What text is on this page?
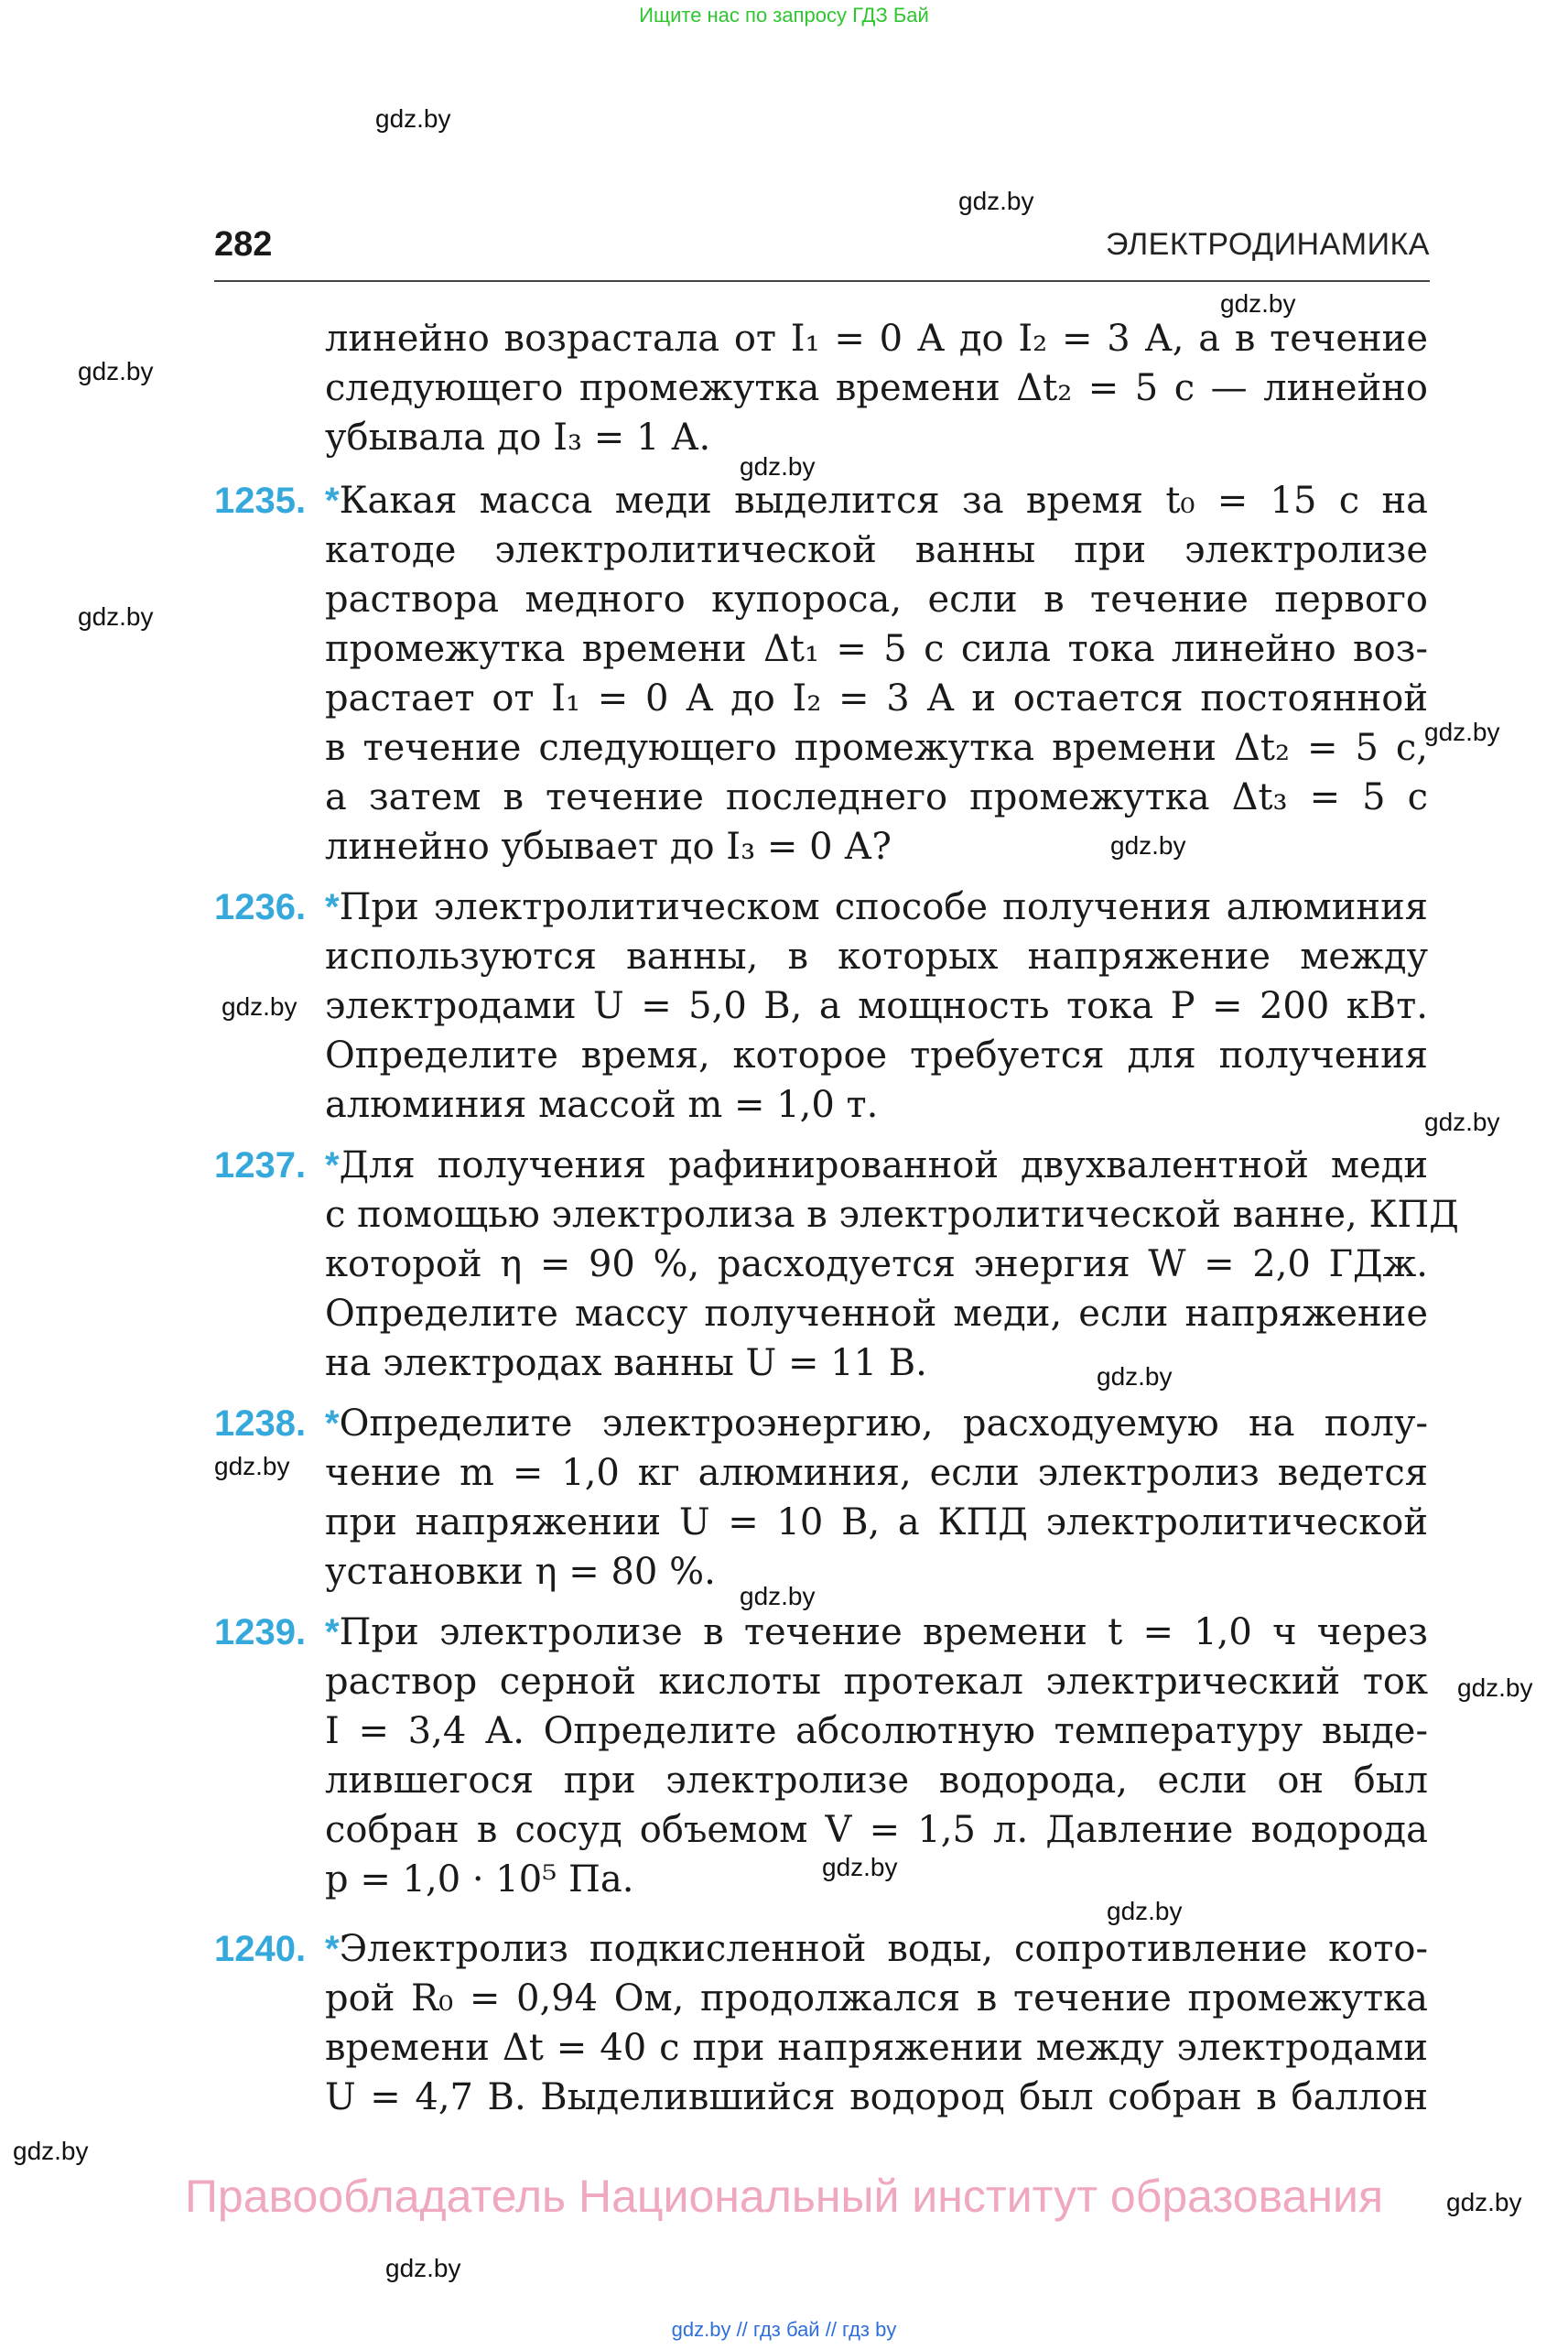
Ищите нас по запросу ГДЗ Бай
gdz.by
gdz.by
gdz.by
gdz.by
gdz.by
gdz.by
gdz.by
gdz.by
gdz.by
gdz.by
gdz.by
gdz.by
gdz.by
gdz.by
gdz.by
gdz.by
gdz.by
gdz.by
gdz.by
282	ЭЛЕКТРОДИНАМИКА
линейно возрастала от I₁ = 0 А до I₂ = 3 А, а в течение
следующего промежутка времени Δt₂ = 5 с — линейно
убывала до I₃ = 1 А.
1235. *Какая масса меди выделится за время t₀ = 15 с на
катоде электролитической ванны при электролизе
раствора медного купороса, если в течение первого
промежутка времени Δt₁ = 5 с сила тока линейно воз-
растает от I₁ = 0 А до I₂ = 3 А и остается постоянной
в течение следующего промежутка времени Δt₂ = 5 с,
а затем в течение последнего промежутка Δt₃ = 5 с
линейно убывает до I₃ = 0 А?
1236. *При электролитическом способе получения алюминия
используются ванны, в которых напряжение между
электродами U = 5,0 В, а мощность тока P = 200 кВт.
Определите время, которое требуется для получения
алюминия массой m = 1,0 т.
1237. *Для получения рафинированной двухвалентной меди
с помощью электролиза в электролитической ванне, КПД
которой η = 90 %, расходуется энергия W = 2,0 ГДж.
Определите массу полученной меди, если напряжение
на электродах ванны U = 11 В.
1238. *Определите электроэнергию, расходуемую на полу-
чение m = 1,0 кг алюминия, если электролиз ведется
при напряжении U = 10 В, а КПД электролитической
установки η = 80 %.
1239. *При электролизе в течение времени t = 1,0 ч через
раствор серной кислоты протекал электрический ток
I = 3,4 А. Определите абсолютную температуру выде-
лившегося при электролизе водорода, если он был
собран в сосуд объемом V = 1,5 л. Давление водорода
p = 1,0 · 10⁵ Па.
1240. *Электролиз подкисленной воды, сопротивление кото-
рой R₀ = 0,94 Ом, продолжался в течение промежутка
времени Δt = 40 с при напряжении между электродами
U = 4,7 В. Выделившийся водород был собран в баллон
Правообладатель Национальный институт образования
gdz.by // гдз бай // гдз by
